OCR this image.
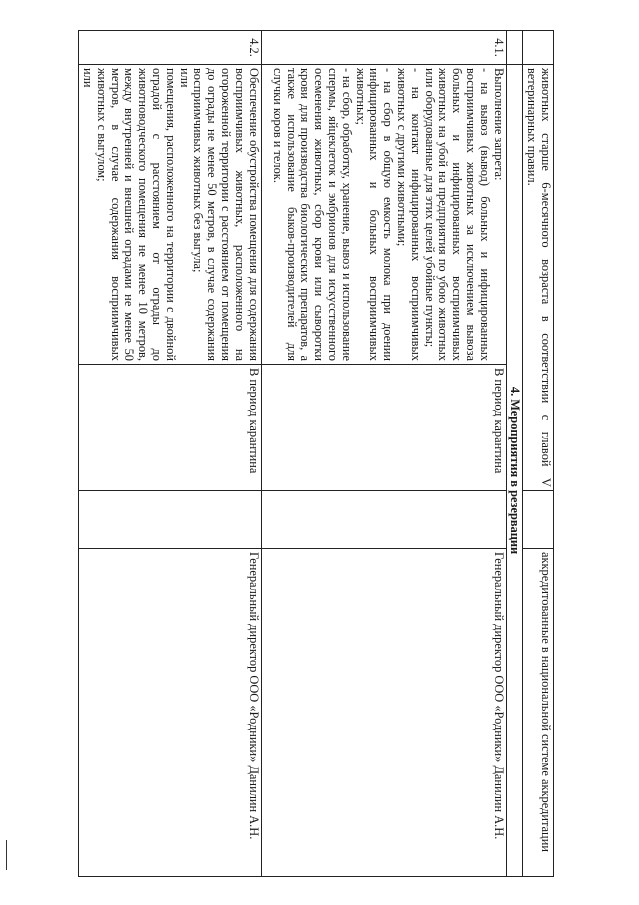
	животных старше 6-месячного возраста в соответствии с главой V ветеринарных правил.			аккредитованные в национальной системе аккредитации
	4. Мероприятия в резервации			
4.1.	Выполнение запрета:
- на вывоз (вывод) больных и инфицированных восприимчивых животных за исключением вывоза больных и инфицированных восприимчивых животных на убой на предприятия по убою животных или оборудованные для этих целей убойные пункты;
- на контакт инфицированных восприимчивых животных с другими животными;
- на сбор в общую емкость молока при доении инфицированных и больных восприимчивых животных;
- на сбор, обработку, хранение, вывоз и использование спермы, яйцеклеток и эмбрионов для искусственного осеменения животных, сбор крови или сыворотки крови для производства биологических препаратов, а также использование быков-производителей для случки коров и телок.	В период карантина		Генеральный директор ООО «Родники» Данилин А.Н.
4.2.	Обеспечение обустройства помещения для содержания восприимчивых животных, расположенного на огороженной территории с расстоянием от помещения до ограды не менее 50 метров, в случае содержания восприимчивых животных без выгула;
или
помещения, расположенного на территории с двойной оградой с расстоянием от ограды до животноводческого помещения не менее 10 метров, между внутренней и внешней оградами не менее 50 метров, в случае содержания восприимчивых животных с выгулом;
или	В период карантина		Генеральный директор ООО «Родники» Данилин А.Н.
